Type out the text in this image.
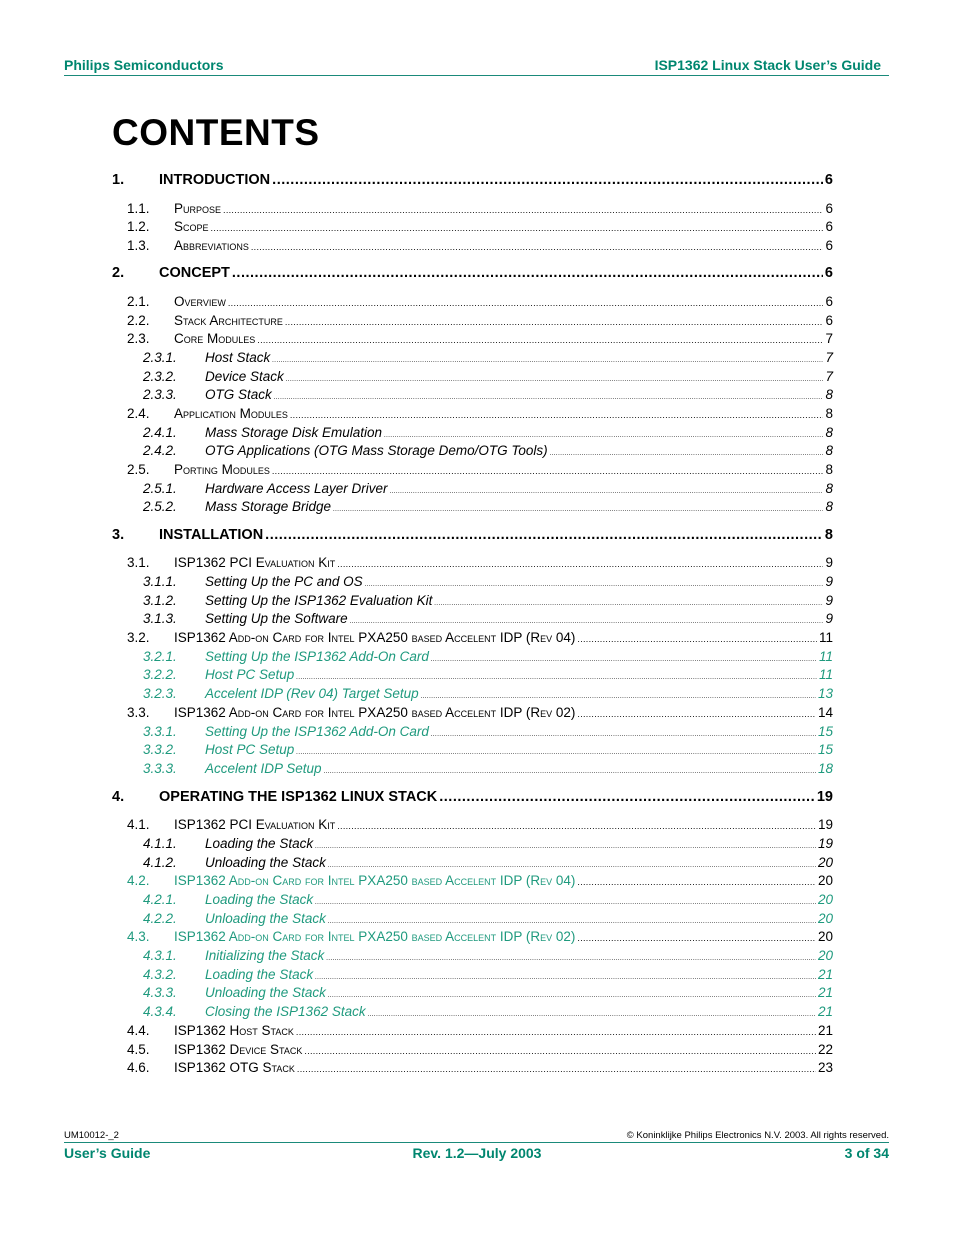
Philips Semiconductors	ISP1362 Linux Stack User’s Guide
CONTENTS
1.	INTRODUCTION .....	6
1.1.	Purpose .....	6
1.2.	Scope .....	6
1.3.	Abbreviations .....	6
2.	CONCEPT .....	6
2.1.	Overview .....	6
2.2.	Stack Architecture .....	6
2.3.	Core Modules .....	7
2.3.1.	Host Stack .....	7
2.3.2.	Device Stack .....	7
2.3.3.	OTG Stack .....	8
2.4.	Application Modules .....	8
2.4.1.	Mass Storage Disk Emulation .....	8
2.4.2.	OTG Applications (OTG Mass Storage Demo/OTG Tools) .....	8
2.5.	Porting Modules .....	8
2.5.1.	Hardware Access Layer Driver .....	8
2.5.2.	Mass Storage Bridge .....	8
3.	INSTALLATION .....	8
3.1.	ISP1362 PCI Evaluation Kit .....	9
3.1.1.	Setting Up the PC and OS .....	9
3.1.2.	Setting Up the ISP1362 Evaluation Kit .....	9
3.1.3.	Setting Up the Software .....	9
3.2.	ISP1362 Add-on Card for Intel PXA250 based Accelent IDP (Rev 04) .....	11
3.2.1.	Setting Up the ISP1362 Add-On Card .....	11
3.2.2.	Host PC Setup .....	11
3.2.3.	Accelent IDP (Rev 04) Target Setup .....	13
3.3.	ISP1362 Add-on Card for Intel PXA250 based Accelent IDP (Rev 02) .....	14
3.3.1.	Setting Up the ISP1362 Add-On Card .....	15
3.3.2.	Host PC Setup .....	15
3.3.3.	Accelent IDP Setup .....	18
4.	OPERATING THE ISP1362 LINUX STACK .....	19
4.1.	ISP1362 PCI Evaluation Kit .....	19
4.1.1.	Loading the Stack .....	19
4.1.2.	Unloading the Stack .....	20
4.2.	ISP1362 Add-on Card for Intel PXA250 based Accelent IDP (Rev 04) .....	20
4.2.1.	Loading the Stack .....	20
4.2.2.	Unloading the Stack .....	20
4.3.	ISP1362 Add-on Card for Intel PXA250 based Accelent IDP (Rev 02) .....	20
4.3.1.	Initializing the Stack .....	20
4.3.2.	Loading the Stack .....	21
4.3.3.	Unloading the Stack .....	21
4.3.4.	Closing the ISP1362 Stack .....	21
4.4.	ISP1362 Host Stack .....	21
4.5.	ISP1362 Device Stack .....	22
4.6.	ISP1362 OTG Stack .....	23
UM10012-_2	© Koninklijke Philips Electronics N.V. 2003. All rights reserved.
User’s Guide	Rev. 1.2—July 2003	3 of 34
